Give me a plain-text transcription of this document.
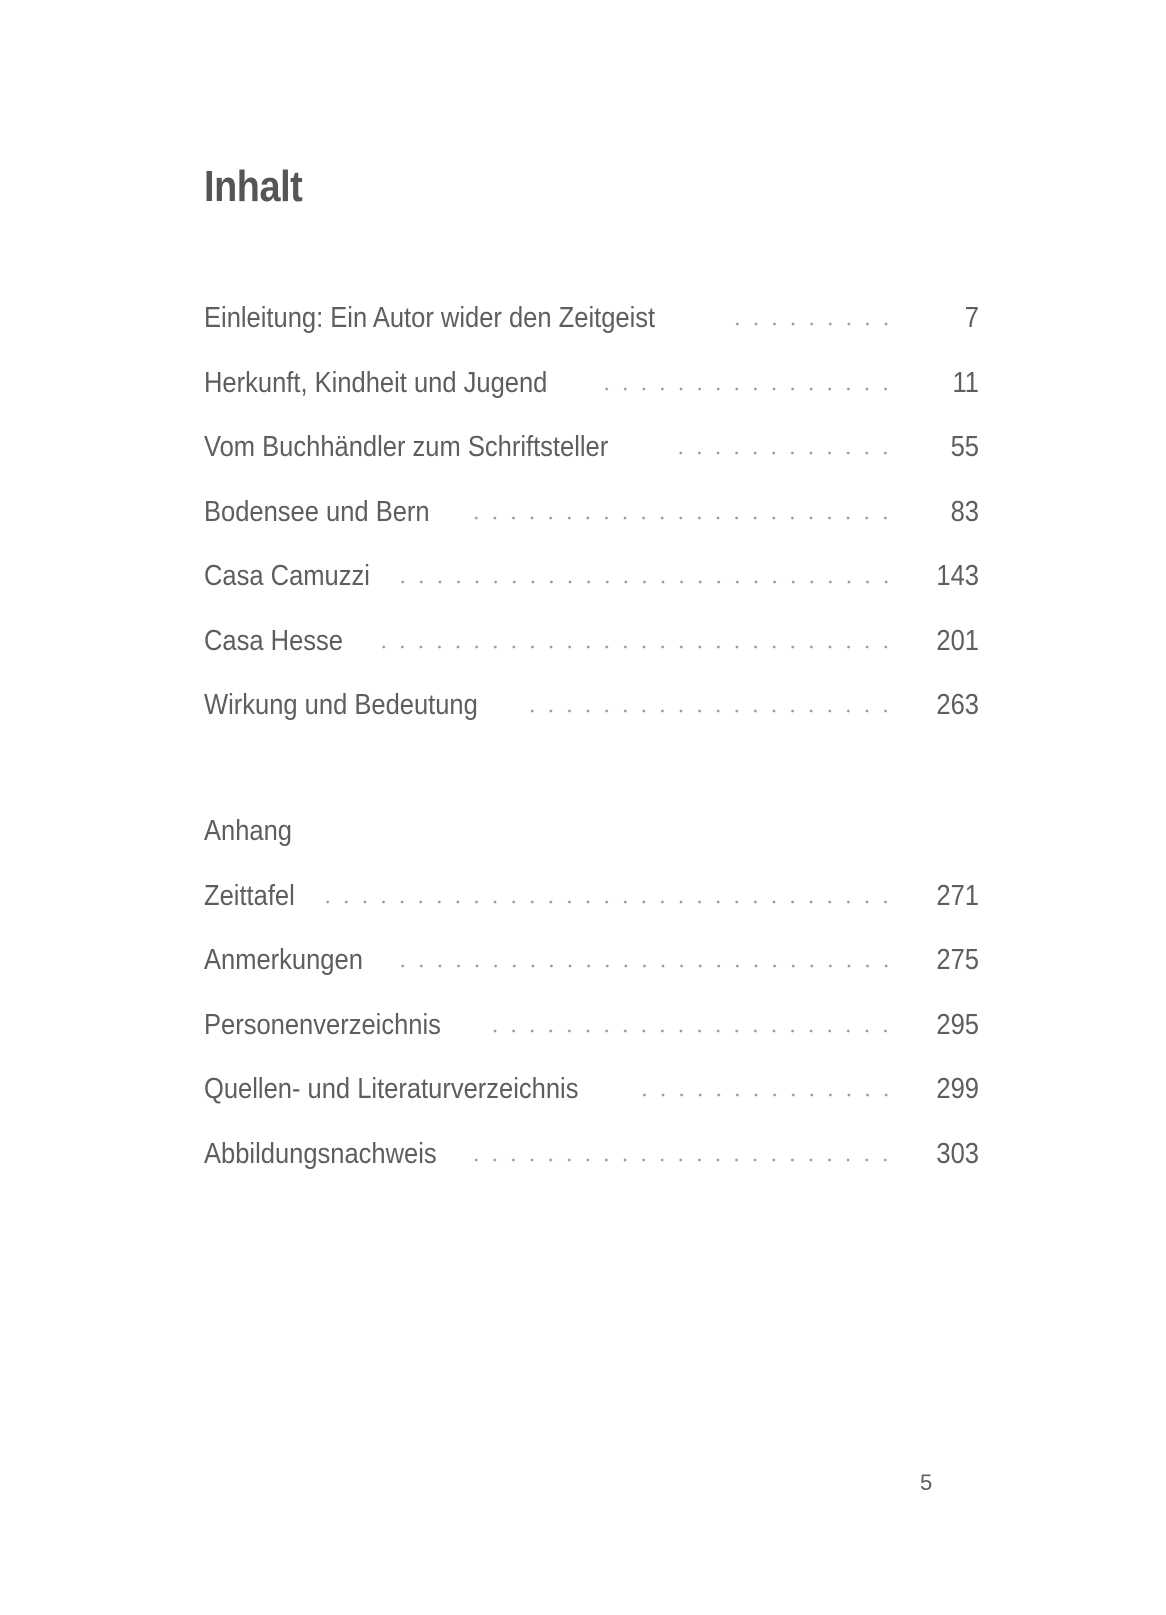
Inhalt
Einleitung: Ein Autor wider den Zeitgeist	7
Herkunft, Kindheit und Jugend	11
Vom Buchhändler zum Schriftsteller	55
Bodensee und Bern	83
Casa Camuzzi	143
Casa Hesse	201
Wirkung und Bedeutung	263
Anhang
Zeittafel	271
Anmerkungen	275
Personenverzeichnis	295
Quellen- und Literaturverzeichnis	299
Abbildungsnachweis	303
5
